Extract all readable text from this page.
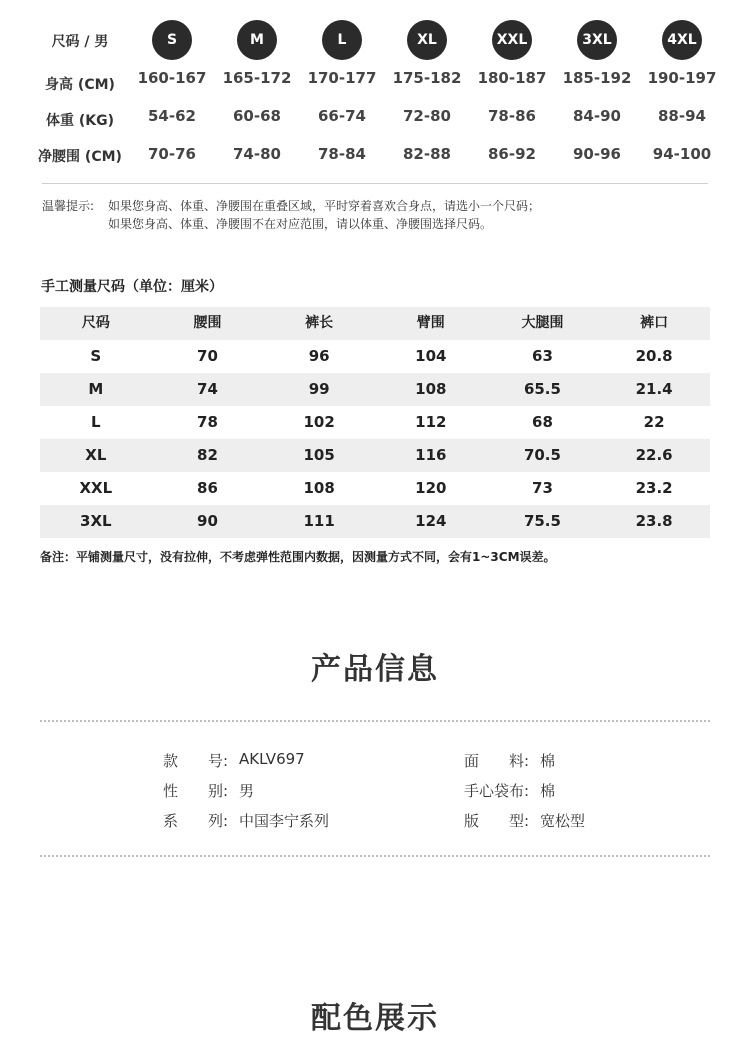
尺码 / 男	S	M	L	XL	XXL	3XL	4XL
身高 (CM)	160-167	165-172	170-177	175-182	180-187	185-192	190-197
体重 (KG)	54-62	60-68	66-74	72-80	78-86	84-90	88-94
净腰围 (CM)	70-76	74-80	78-84	82-88	86-92	90-96	94-100
温馨提示: 如果您身高、体重、净腰围在重叠区域，平时穿着喜欢合身点，请选小一个尺码；
如果您身高、体重、净腰围不在对应范围，请以体重、净腰围选择尺码。
手工测量尺码（单位：厘米）
尺码	腰围	裤长	臂围	大腿围	裤口
S	70	96	104	63	20.8
M	74	99	108	65.5	21.4
L	78	102	112	68	22
XL	82	105	116	70.5	22.6
XXL	86	108	120	73	23.2
3XL	90	111	124	75.5	23.8
备注：平铺测量尺寸，没有拉伸，不考虑弹性范围内数据，因测量方式不同，会有1~3CM误差。
产品信息
款　　号: AKLV697
性　　别: 男
系　　列: 中国李宁系列
面　　料: 棉
手心袋布: 棉
版　　型: 宽松型
配色展示
